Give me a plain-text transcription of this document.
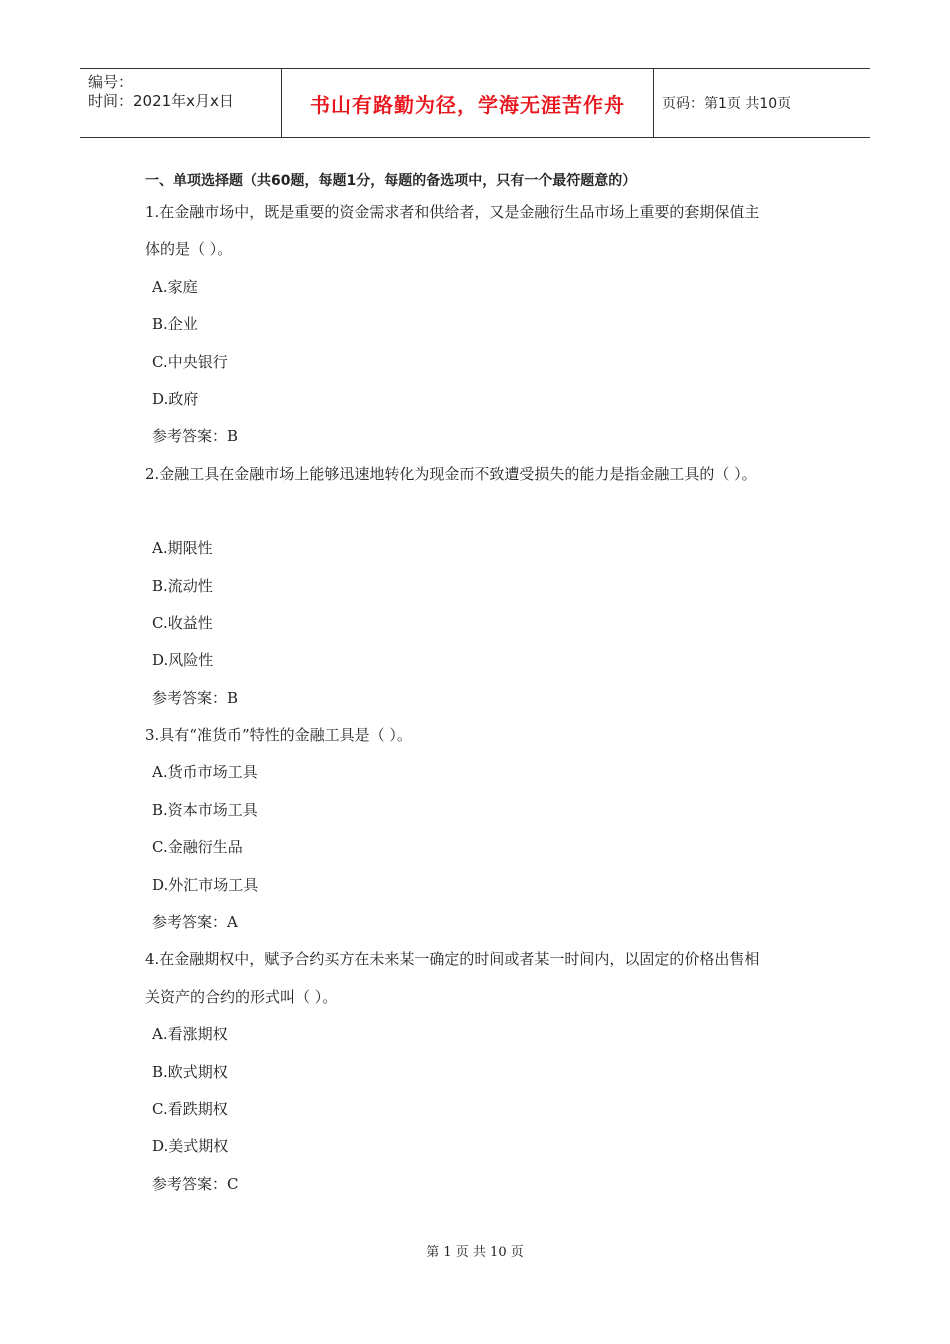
编号：
时间：2021年x月x日	书山有路勤为径，学海无涯苦作舟	页码：第1页 共10页
一、单项选择题（共60题，每题1分，每题的备选项中，只有一个最符题意的）
1.在金融市场中，既是重要的资金需求者和供给者，又是金融衍生品市场上重要的套期保值主
体的是（ ）。
A.家庭
B.企业
C.中央银行
D.政府
参考答案：B
2.金融工具在金融市场上能够迅速地转化为现金而不致遭受损失的能力是指金融工具的（ ）。
A.期限性
B.流动性
C.收益性
D.风险性
参考答案：B
3.具有“准货币”特性的金融工具是（ ）。
A.货币市场工具
B.资本市场工具
C.金融衍生品
D.外汇市场工具
参考答案：A
4.在金融期权中，赋予合约买方在未来某一确定的时间或者某一时间内，以固定的价格出售相
关资产的合约的形式叫（ ）。
A.看涨期权
B.欧式期权
C.看跌期权
D.美式期权
参考答案：C
第 1 页 共 10 页
